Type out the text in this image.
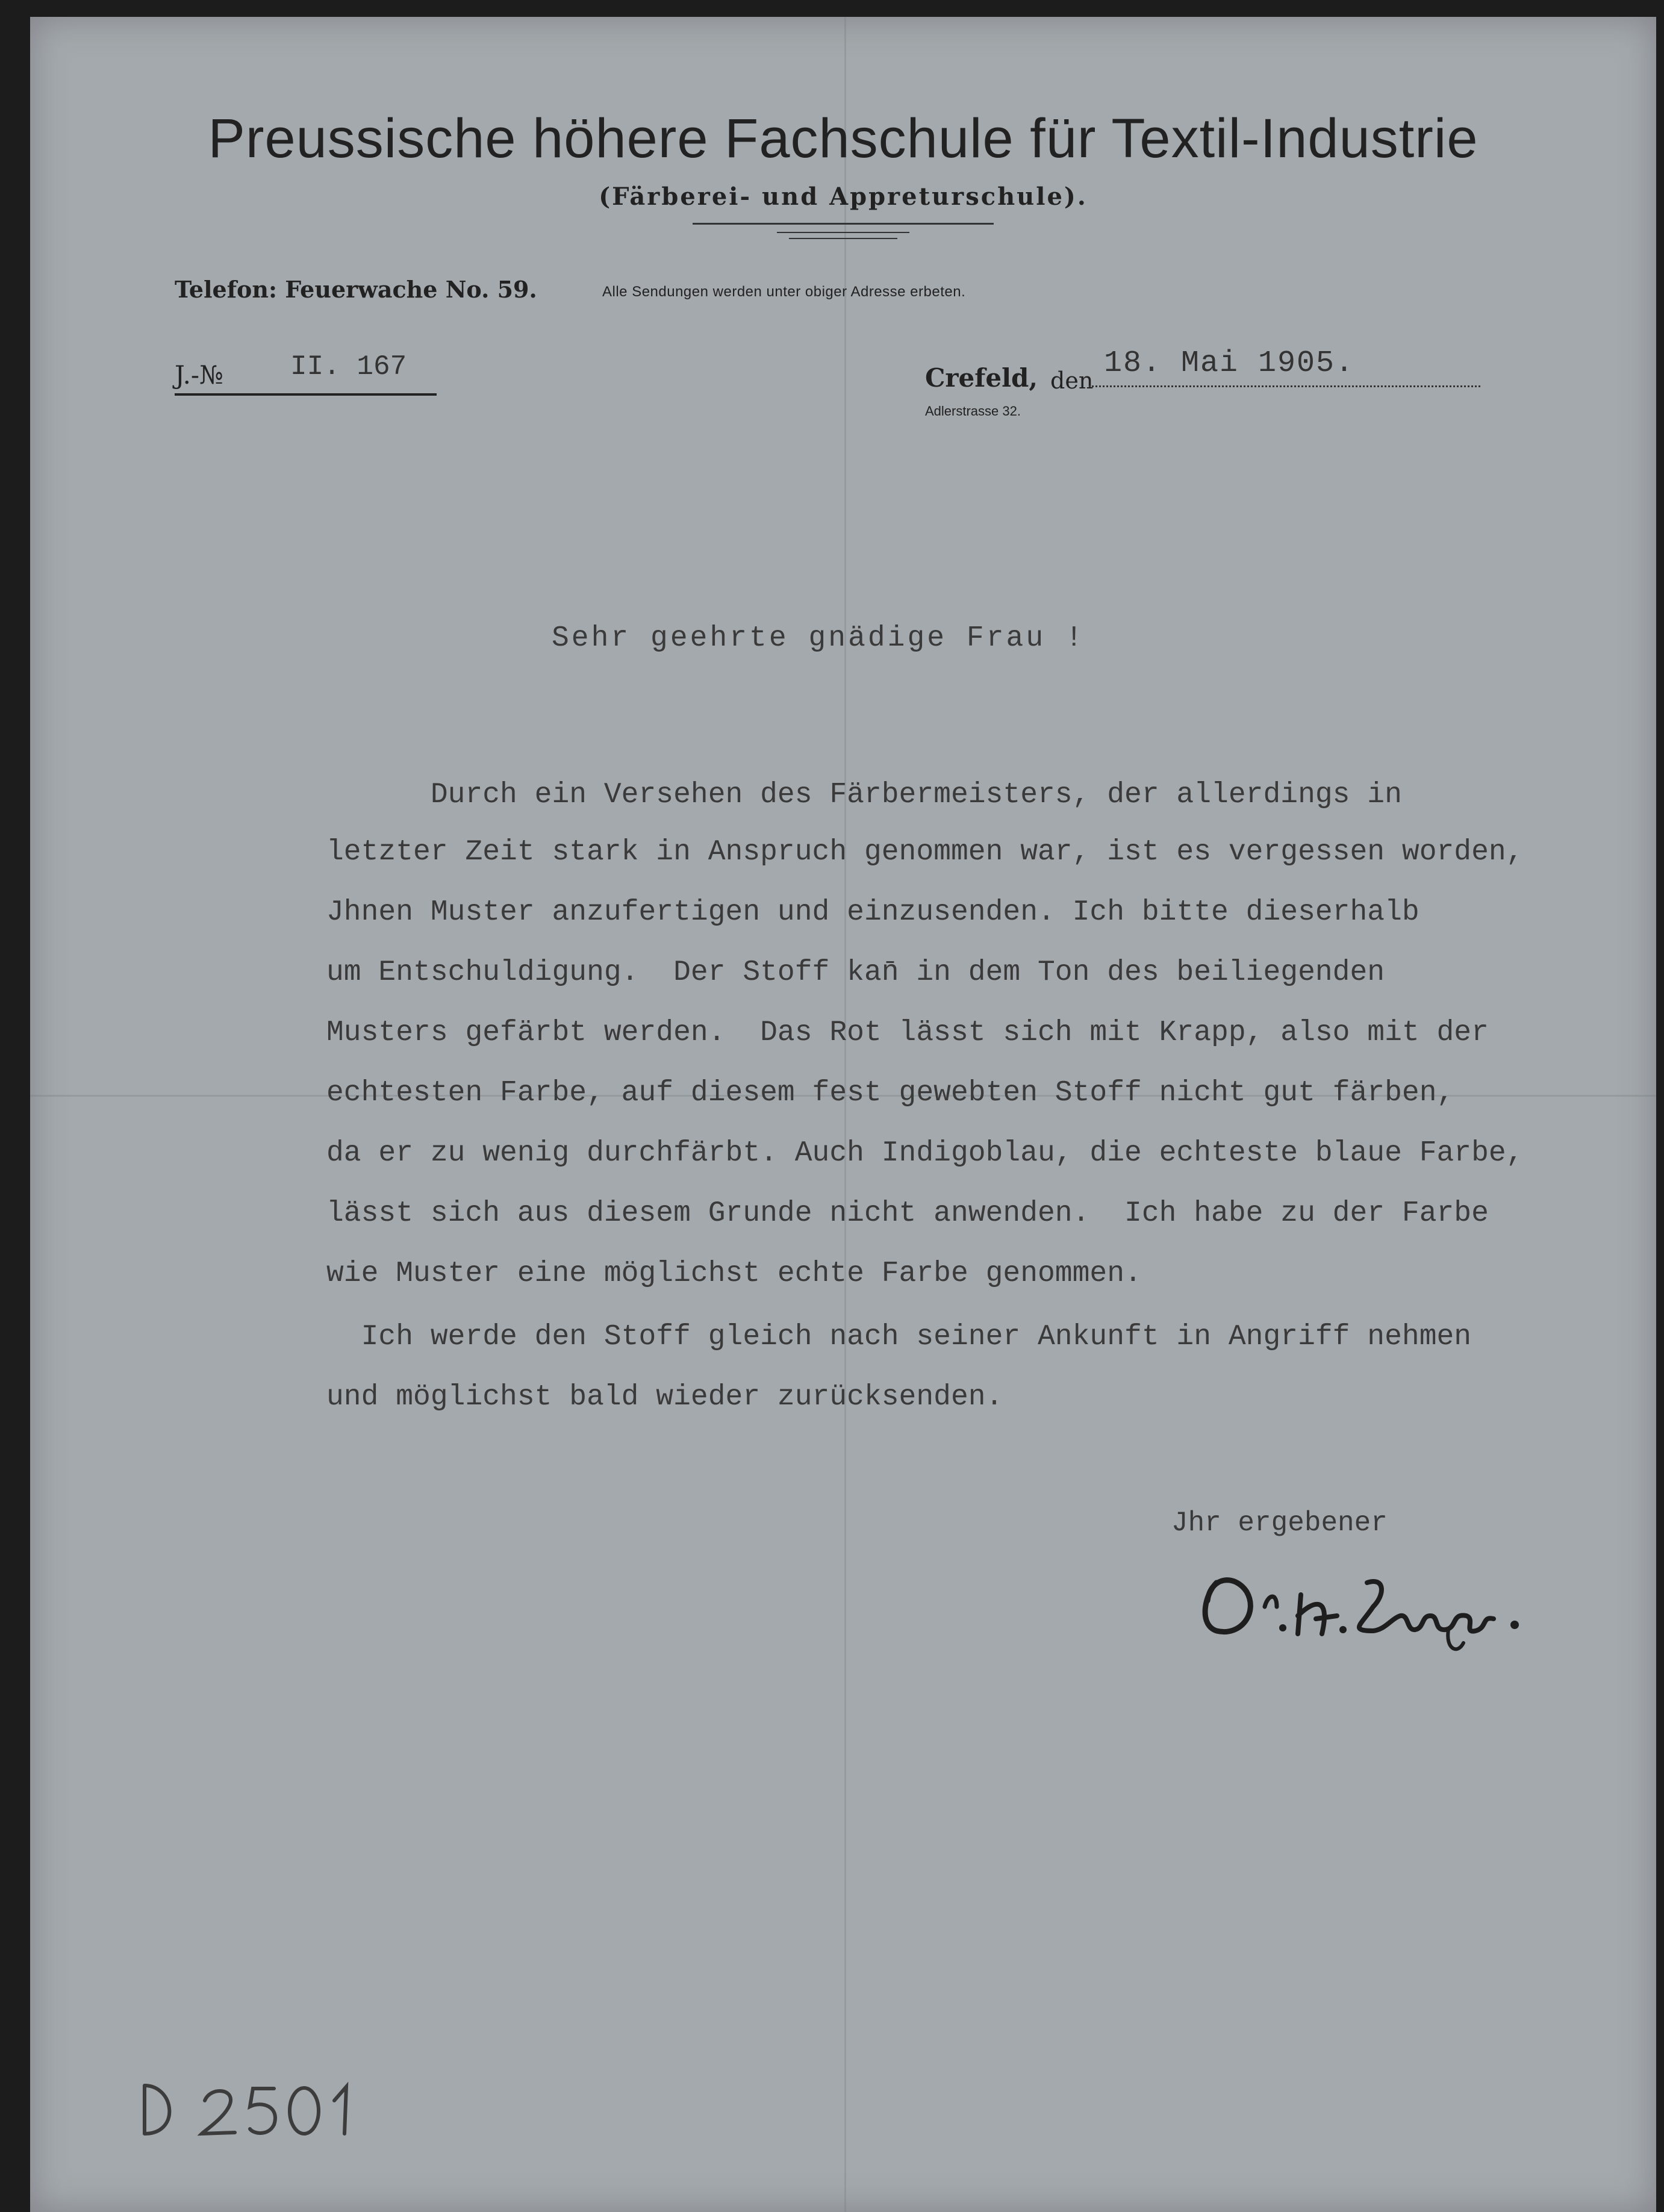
Preussische höhere Fachschule für Textil-Industrie
(Färberei- und Appreturschule).
Telefon: Feuerwache No. 59.	Alle Sendungen werden unter obiger Adresse erbeten.
J.-№ II. 167	Crefeld, den 18. Mai 1905.
Adlerstrasse 32.
Sehr geehrte gnädige Frau !
Durch ein Versehen des Färbermeisters, der allerdings in
letzter Zeit stark in Anspruch genommen war, ist es vergessen worden,
Jhnen Muster anzufertigen und einzusenden. Ich bitte dieserhalb
um Entschuldigung.  Der Stoff kan̄ in dem Ton des beiliegenden
Musters gefärbt werden.  Das Rot lässt sich mit Krapp, also mit der
echtesten Farbe, auf diesem fest gewebten Stoff nicht gut färben,
da er zu wenig durchfärbt. Auch Indigoblau, die echteste blaue Farbe,
lässt sich aus diesem Grunde nicht anwenden.  Ich habe zu der Farbe
wie Muster eine möglichst echte Farbe genommen.
Ich werde den Stoff gleich nach seiner Ankunft in Angriff nehmen
und möglichst bald wieder zurücksenden.
Jhr ergebener
